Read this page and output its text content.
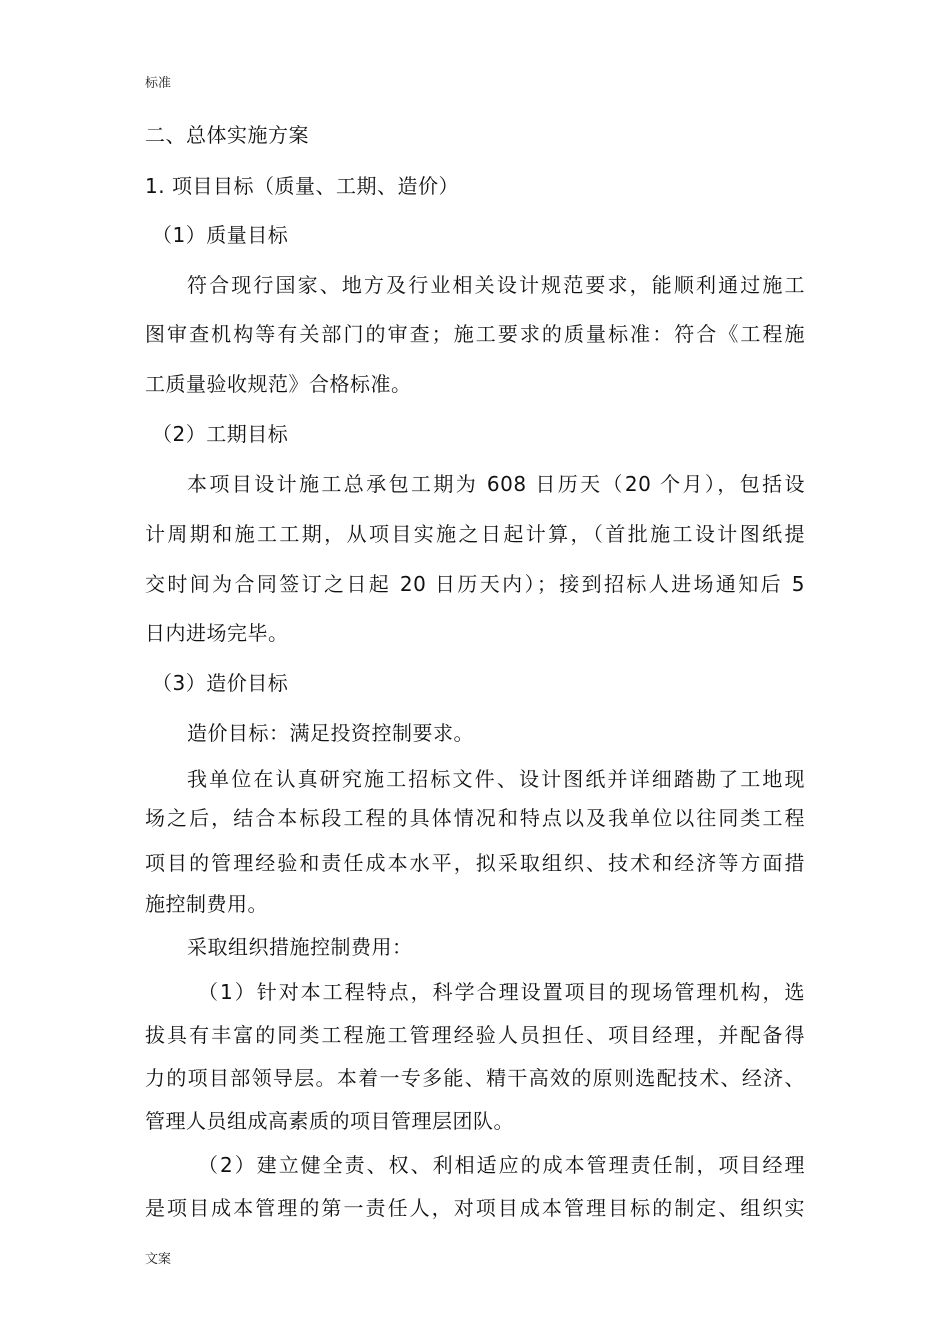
标准
二、总体实施方案
1. 项目目标（质量、工期、造价）
（1）质量目标
符合现行国家、地方及行业相关设计规范要求，能顺利通过施工
图审查机构等有关部门的审查；施工要求的质量标准：符合《工程施
工质量验收规范》合格标准。
（2）工期目标
本项目设计施工总承包工期为 608 日历天（20 个月），包括设
计周期和施工工期，从项目实施之日起计算，（首批施工设计图纸提
交时间为合同签订之日起 20 日历天内）；接到招标人进场通知后 5
日内进场完毕。
（3）造价目标
造价目标：满足投资控制要求。
我单位在认真研究施工招标文件、设计图纸并详细踏勘了工地现
场之后，结合本标段工程的具体情况和特点以及我单位以往同类工程
项目的管理经验和责任成本水平，拟采取组织、技术和经济等方面措
施控制费用。
采取组织措施控制费用：
（1）针对本工程特点，科学合理设置项目的现场管理机构，选
拔具有丰富的同类工程施工管理经验人员担任、项目经理，并配备得
力的项目部领导层。本着一专多能、精干高效的原则选配技术、经济、
管理人员组成高素质的项目管理层团队。
（2）建立健全责、权、利相适应的成本管理责任制，项目经理
是项目成本管理的第一责任人，对项目成本管理目标的制定、组织实
文案
